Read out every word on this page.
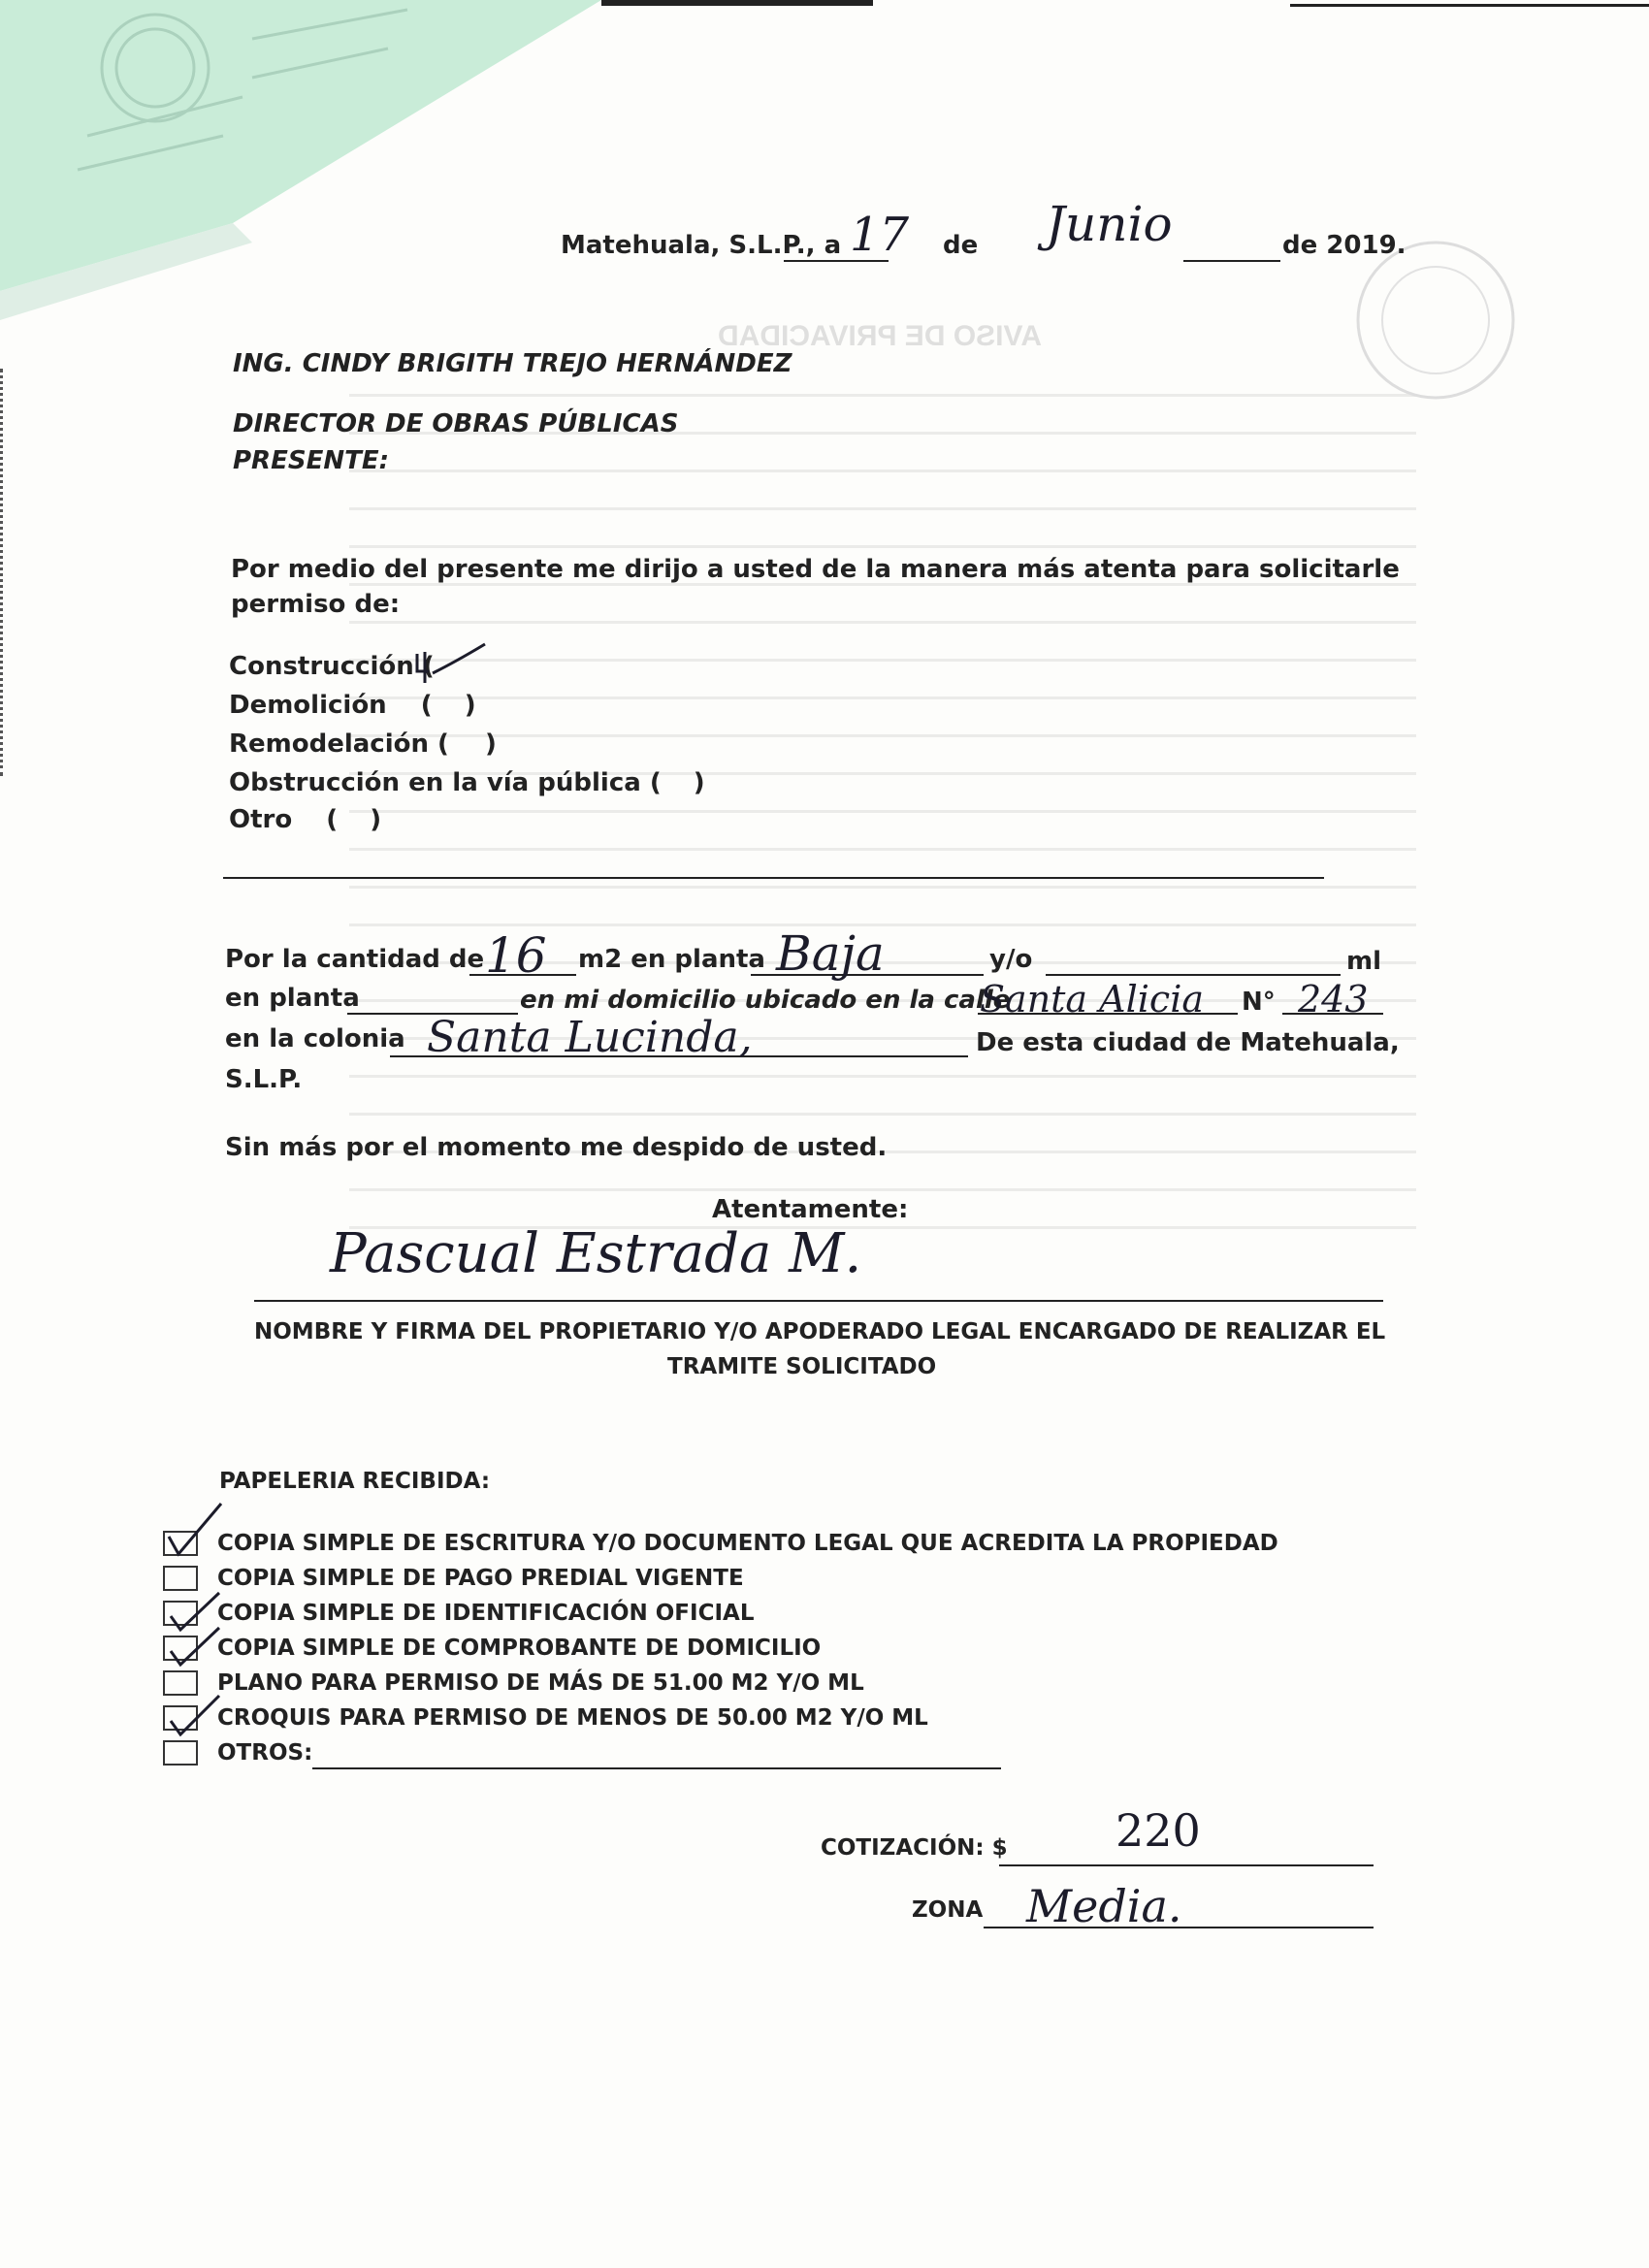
AVISO DE PRIVACIDAD
Matehuala, S.L.P., a 17 de Junio	de 2019.
ING. CINDY BRIGITH TREJO HERNÁNDEZ
DIRECTOR DE OBRAS PÚBLICAS
PRESENTE:
Por medio del presente me dirijo a usted de la manera más atenta para solicitarle
permiso de:
Construcción (
Demolición ( )
Remodelación ( )
Obstrucción en la vía pública ( )
Otro ( )
Por la cantidad de 16 m2 en planta Baja	y/o	ml
en planta	en mi domicilio ubicado en la calle
Santa Alicia N° 243
en la colonia Santa Lucinda,	De esta ciudad de Matehuala,
S.L.P.
Sin más por el momento me despido de usted.
Atentamente:
Pascual Estrada M.
NOMBRE Y FIRMA DEL PROPIETARIO Y/O APODERADO LEGAL ENCARGADO DE REALIZAR EL
TRAMITE SOLICITADO
PAPELERIA RECIBIDA:
COPIA SIMPLE DE ESCRITURA Y/O DOCUMENTO LEGAL QUE ACREDITA LA PROPIEDAD
COPIA SIMPLE DE PAGO PREDIAL VIGENTE
COPIA SIMPLE DE IDENTIFICACIÓN OFICIAL
COPIA SIMPLE DE COMPROBANTE DE DOMICILIO
PLANO PARA PERMISO DE MÁS DE 51.00 M2 Y/O ML
CROQUIS PARA PERMISO DE MENOS DE 50.00 M2 Y/O ML
OTROS:
COTIZACIÓN: $ 220
ZONA Media.
